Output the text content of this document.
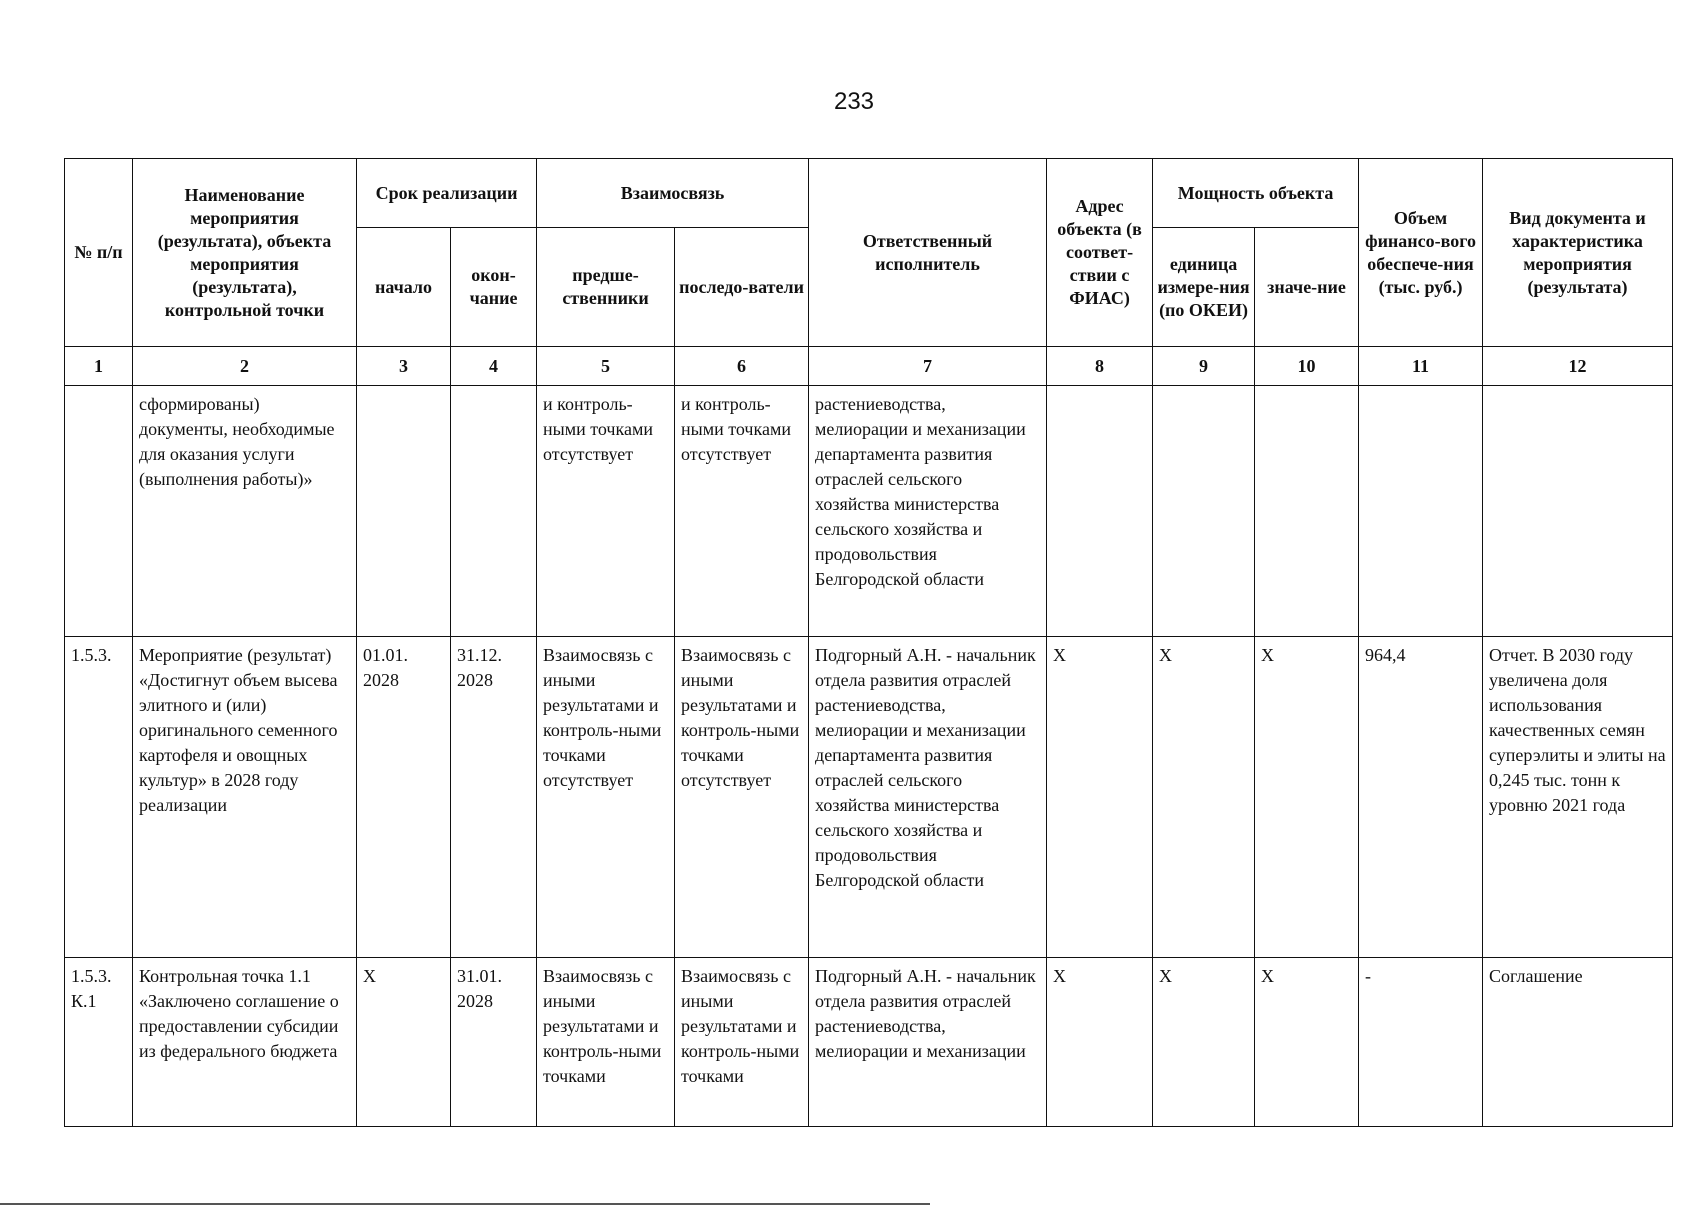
233
№ п/п	Наименование мероприятия (результата), объекта мероприятия (результата), контрольной точки	Срок реализации		Взаимосвязь		Ответственный исполнитель	Адрес объекта (в соответ-ствии с ФИАС)	Мощность объекта		Объем финансо-вого обеспече-ния (тыс. руб.)	Вид документа и характеристика мероприятия (результата)
		начало	окон-чание	предше-ственники	последо-ватели			единица измере-ния (по ОКЕИ)	значе-ние		
1	2	3	4	5	6	7	8	9	10	11	12
	сформированы) документы, необходимые для оказания услуги (выполнения работы)»			и контроль-ными точками отсутствует	и контроль-ными точками отсутствует	растениеводства, мелиорации и механизации департамента развития отраслей сельского хозяйства министерства сельского хозяйства и продовольствия Белгородской области					
1.5.3.	Мероприятие (результат) «Достигнут объем высева элитного и (или) оригинального семенного картофеля и овощных культур» в 2028 году реализации	01.01. 2028	31.12. 2028	Взаимосвязь с иными результатами и контроль-ными точками отсутствует	Взаимосвязь с иными результатами и контроль-ными точками отсутствует	Подгорный А.Н. - начальник отдела развития отраслей растениеводства, мелиорации и механизации департамента развития отраслей сельского хозяйства министерства сельского хозяйства и продовольствия Белгородской области	X	X	X	964,4	Отчет. В 2030 году увеличена доля использования качественных семян суперэлиты и элиты на 0,245 тыс. тонн к уровню 2021 года
1.5.3. К.1	Контрольная точка 1.1 «Заключено соглашение о предоставлении субсидии из федерального бюджета	X	31.01. 2028	Взаимосвязь с иными результатами и контроль-ными точками	Взаимосвязь с иными результатами и контроль-ными точками	Подгорный А.Н. - начальник отдела развития отраслей растениеводства, мелиорации и механизации	X	X	X	-	Соглашение
